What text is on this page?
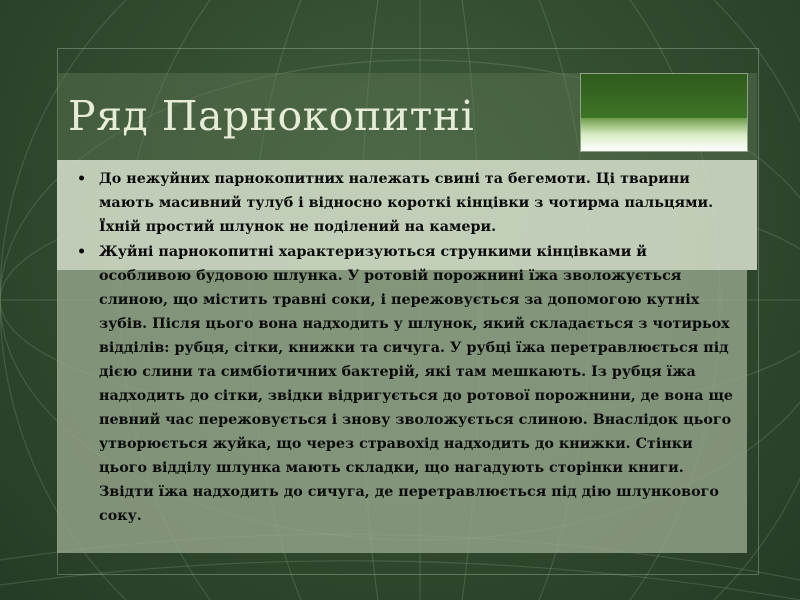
Ряд Парнокопитні
• До нежуйних парнокопитних належать свині та бегемоти. Ці тварини мають масивний тулуб і відносно короткі кінцівки з чотирма пальцями. Їхній простий шлунок не поділений на камери.
• Жуйні парнокопитні характеризуються стрункими кінцівками й особливою будовою шлунка. У ротовій порожнині їжа зволожується слиною, що містить травні соки, і пережовується за допомогою кутніх зубів. Після цього вона надходить у шлунок, який складається з чотирьох відділів: рубця, сітки, книжки та сичуга. У рубці їжа перетравлюється під дією слини та симбіотичних бактерій, які там мешкають. Із рубця їжа надходить до сітки, звідки відригується до ротової порожнини, де вона ще певний час пережовується і знову зволожується слиною. Внаслідок цього утворюється жуйка, що через стравохід надходить до книжки. Стінки цього відділу шлунка мають складки, що нагадують сторінки книги. Звідти їжа надходить до сичуга, де перетравлюється під дію шлункового соку.
